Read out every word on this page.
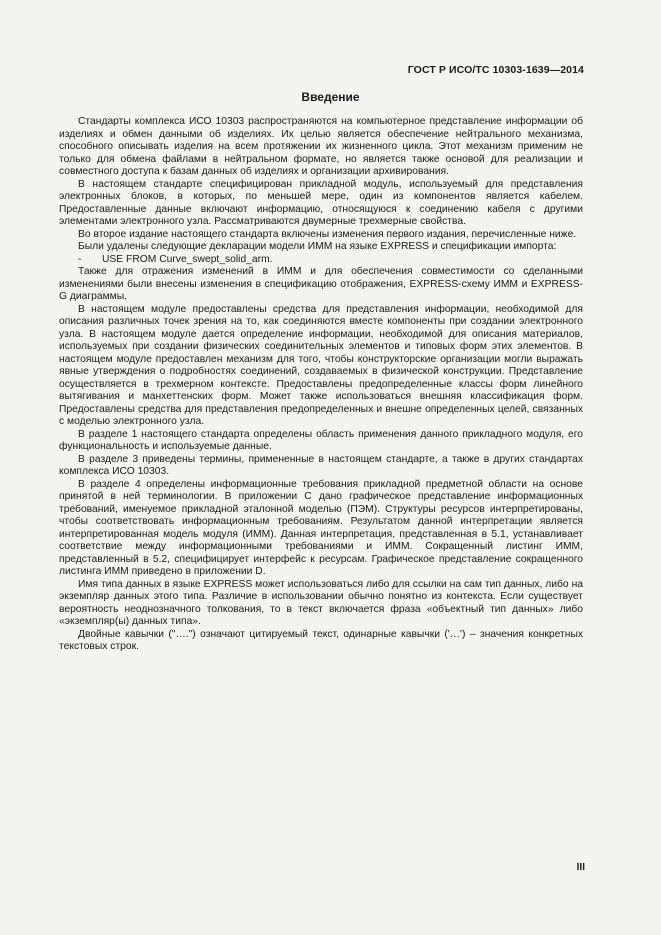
ГОСТ Р ИСО/ТС 10303-1639—2014
Введение

Стандарты комплекса ИСО 10303 распространяются на компьютерное представление информации об изделиях и обмен данными об изделиях. Их целью является обеспечение нейтрального механизма, способного описывать изделия на всем протяжении их жизненного цикла. Этот механизм применим не только для обмена файлами в нейтральном формате, но является также основой для реализации и совместного доступа к базам данных об изделиях и организации архивирования.

В настоящем стандарте специфицирован прикладной модуль, используемый для представления электронных блоков, в которых, по меньшей мере, один из компонентов является кабелем. Предоставленные данные включают информацию, относящуюся к соединению кабеля с другими элементами электронного узла. Рассматриваются двумерные трехмерные свойства.

Во второе издание настоящего стандарта включены изменения первого издания, перечисленные ниже.

Были удалены следующие декларации модели ИММ на языке EXPRESS и спецификации импорта:

- USE FROM Curve_swept_solid_arm.

Также для отражения изменений в ИММ и для обеспечения совместимости со сделанными изменениями были внесены изменения в спецификацию отображения, EXPRESS-схему ИММ и EXPRESS-G диаграммы.

В настоящем модуле предоставлены средства для представления информации, необходимой для описания различных точек зрения на то, как соединяются вместе компоненты при создании электронного узла. В настоящем модуле дается определение информации, необходимой для описания материалов, используемых при создании физических соединительных элементов и типовых форм этих элементов. В настоящем модуле предоставлен механизм для того, чтобы конструкторские организации могли выражать явные утверждения о подробностях соединений, создаваемых в физической конструкции. Представление осуществляется в трехмерном контексте. Предоставлены предопределенные классы форм линейного вытягивания и манхеттенских форм. Может также использоваться внешняя классификация форм. Предоставлены средства для представления предопределенных и внешне определенных целей, связанных с моделью электронного узла.

В разделе 1 настоящего стандарта определены область применения данного прикладного модуля, его функциональность и используемые данные.

В разделе 3 приведены термины, примененные в настоящем стандарте, а также в других стандартах комплекса ИСО 10303.

В разделе 4 определены информационные требования прикладной предметной области на основе принятой в ней терминологии. В приложении С дано графическое представление информационных требований, именуемое прикладной эталонной моделью (ПЭМ). Структуры ресурсов интерпретированы, чтобы соответствовать информационным требованиям. Результатом данной интерпретации является интерпретированная модель модуля (ИММ). Данная интерпретация, представленная в 5.1, устанавливает соответствие между информационными требованиями и ИММ. Сокращенный листинг ИММ, представленный в 5.2, специфицирует интерфейс к ресурсам. Графическое представление сокращенного листинга ИММ приведено в приложении D.

Имя типа данных в языке EXPRESS может использоваться либо для ссылки на сам тип данных, либо на экземпляр данных этого типа. Различие в использовании обычно понятно из контекста. Если существует вероятность неоднозначного толкования, то в текст включается фраза «объектный тип данных» либо «экземпляр(ы) данных типа».

Двойные кавычки ("….") означают цитируемый текст, одинарные кавычки ('…') – значения конкретных текстовых строк.

III
